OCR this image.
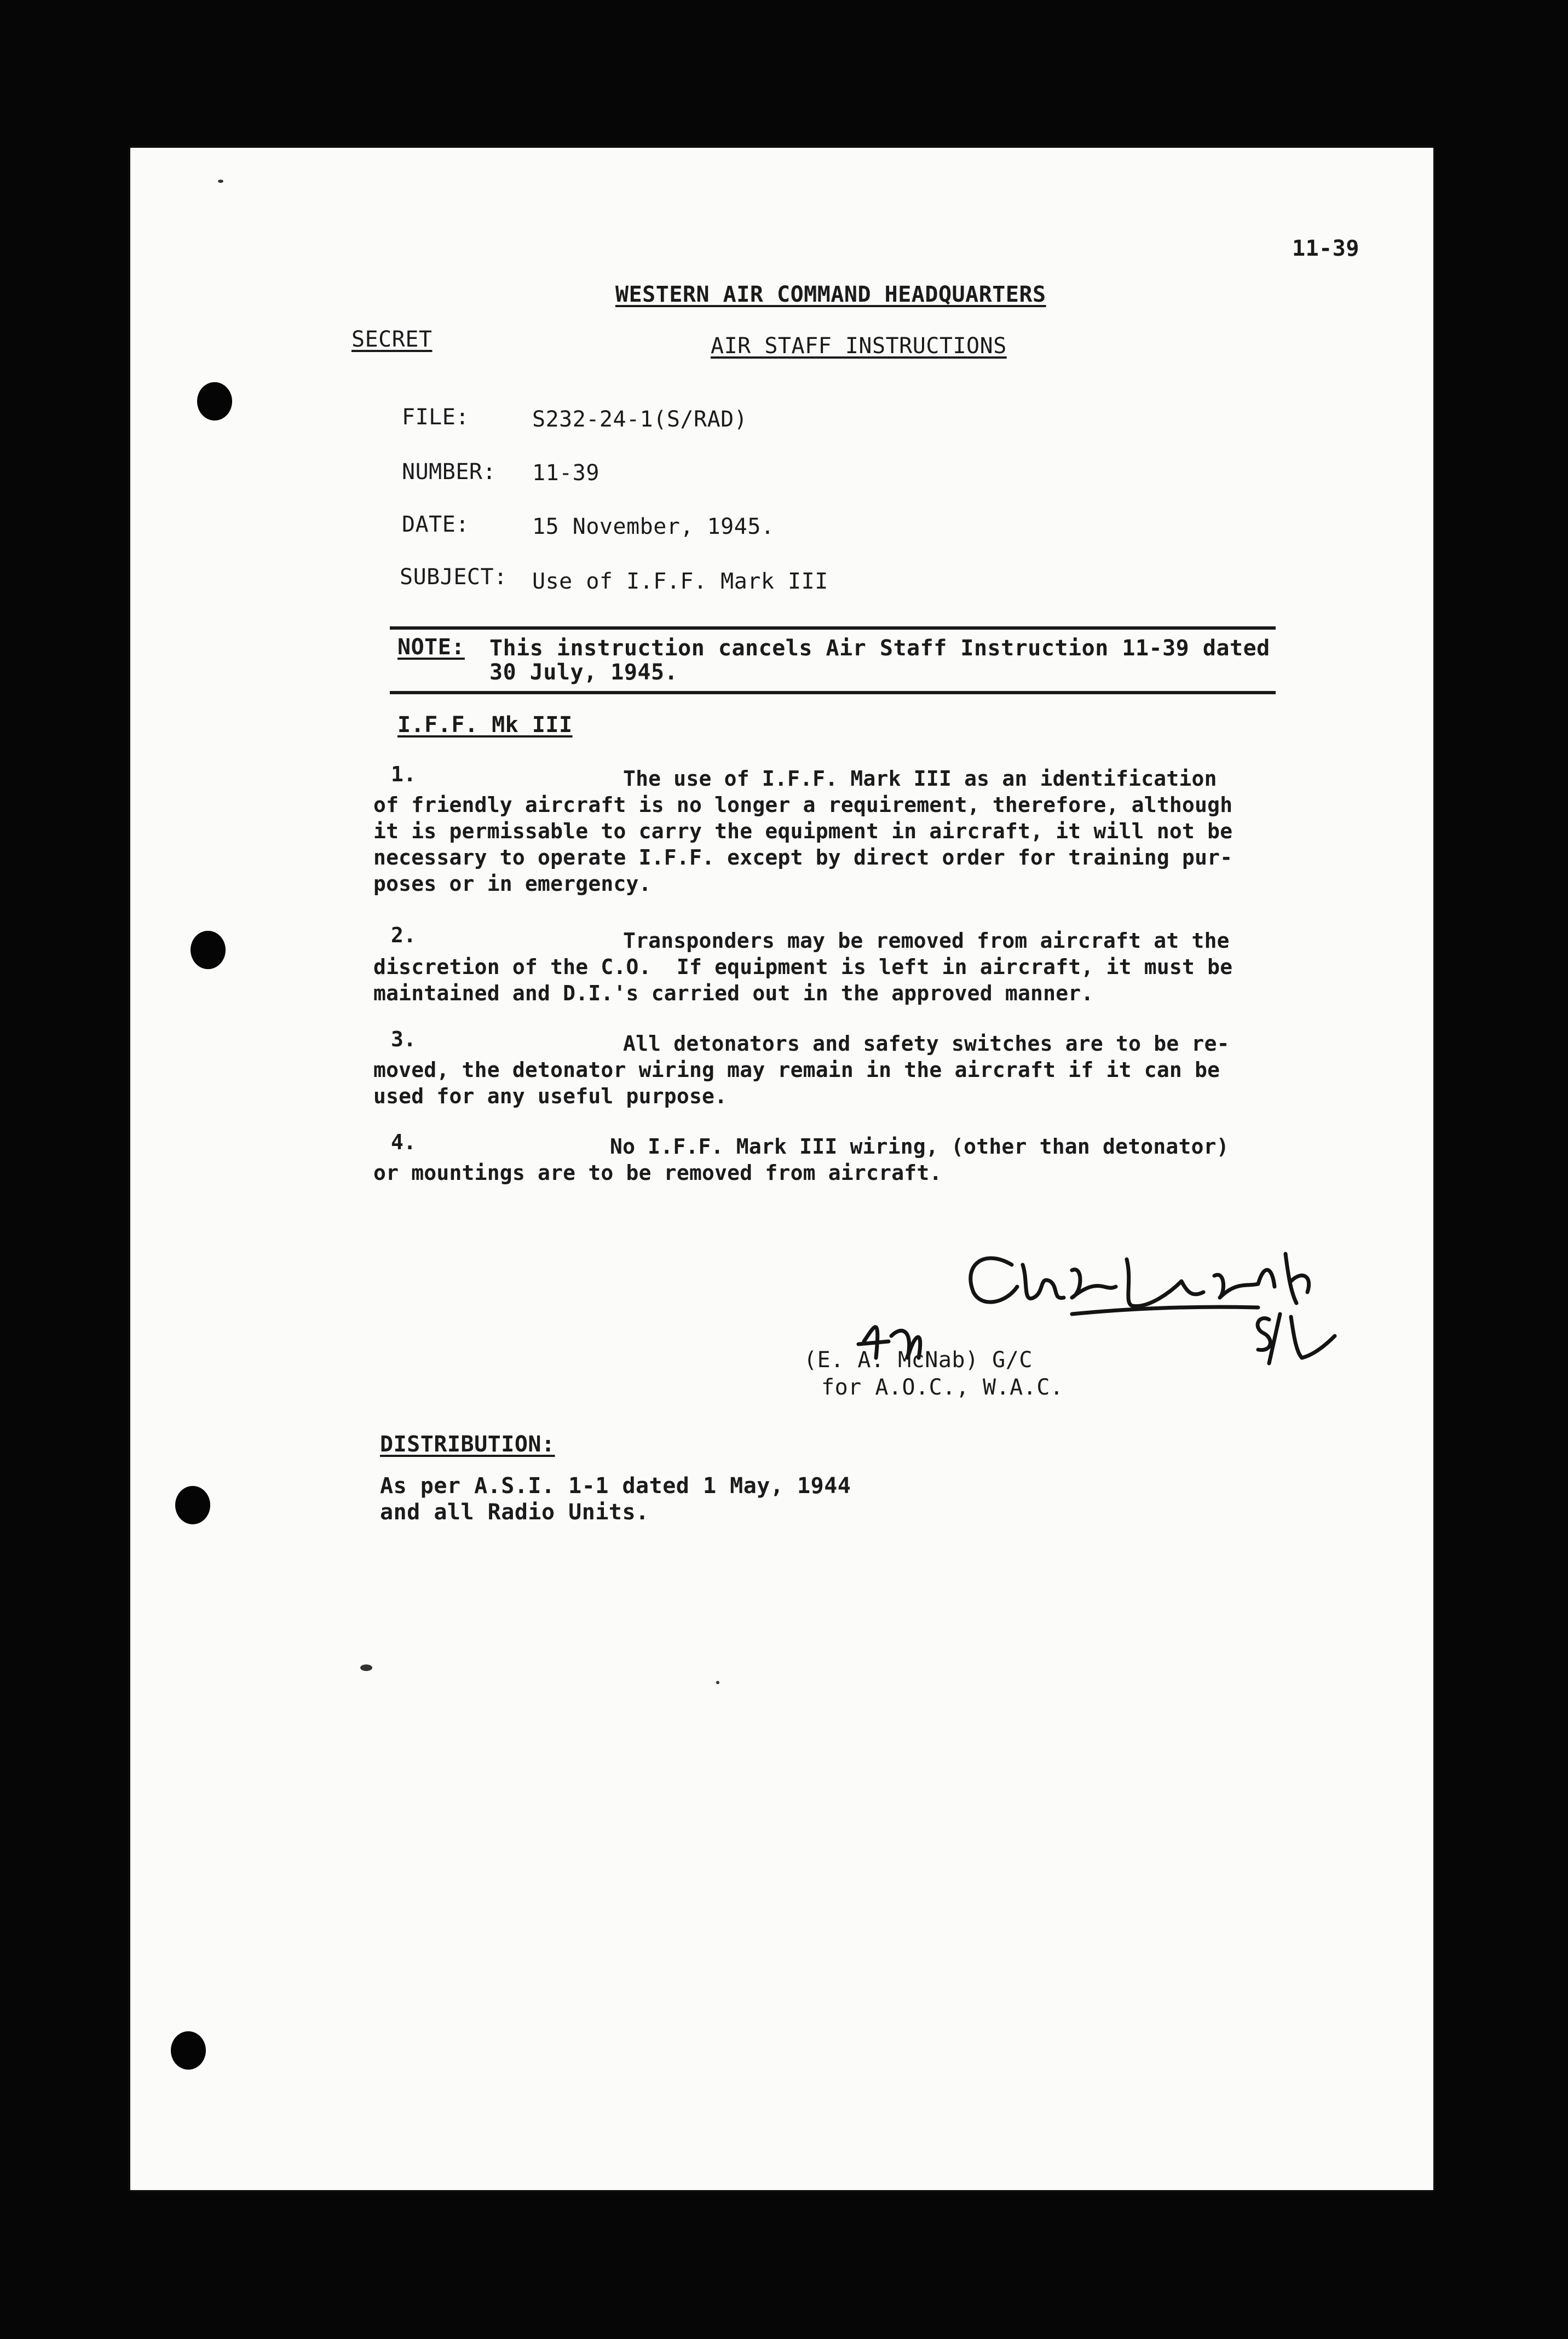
11-39
WESTERN AIR COMMAND HEADQUARTERS
SECRET	AIR STAFF INSTRUCTIONS
FILE:	S232-24-1(S/RAD)
NUMBER: 11-39
DATE:	15 November, 1945.
SUBJECT: Use of I.F.F. Mark III
NOTE: This instruction cancels Air Staff Instruction 11-39 dated
30 July, 1945.
I.F.F. Mk III
1.	The use of I.F.F. Mark III as an identification
of friendly aircraft is no longer a requirement, therefore, although
it is permissable to carry the equipment in aircraft, it will not be
necessary to operate I.F.F. except by direct order for training pur-
poses or in emergency.
2.	Transponders may be removed from aircraft at the
discretion of the C.O.  If equipment is left in aircraft, it must be
maintained and D.I.'s carried out in the approved manner.
3.	All detonators and safety switches are to be re-
moved, the detonator wiring may remain in the aircraft if it can be
used for any useful purpose.
4.	No I.F.F. Mark III wiring, (other than detonator)
or mountings are to be removed from aircraft.
(E. A. McNab) G/C
for A.O.C., W.A.C.
DISTRIBUTION:
As per A.S.I. 1-1 dated 1 May, 1944
and all Radio Units.
